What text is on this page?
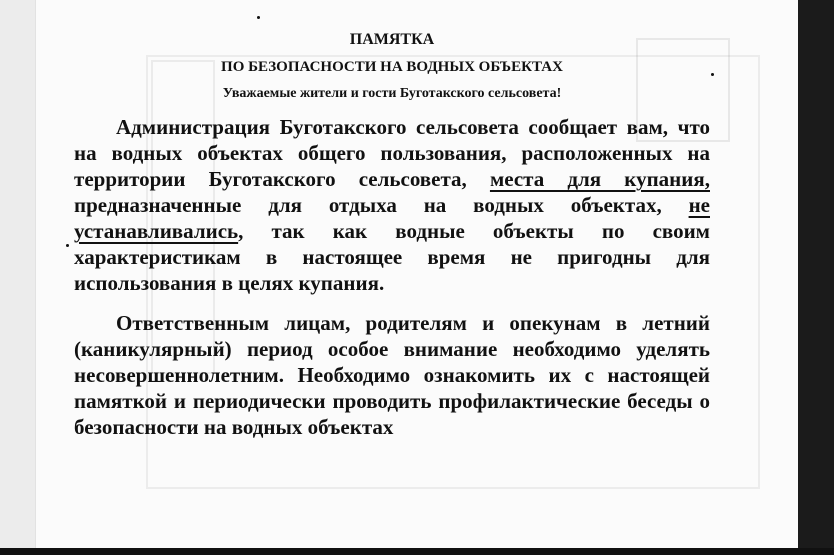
ПАМЯТКА
ПО БЕЗОПАСНОСТИ НА ВОДНЫХ ОБЪЕКТАХ
Уважаемые жители и гости Буготакского сельсовета!

Администрация Буготакского сельсовета сообщает вам, что на водных объектах общего пользования, расположенных на территории Буготакского сельсовета, места для купания, предназначенные для отдыха на водных объектах, не устанавливались, так как водные объекты по своим характеристикам в настоящее время не пригодны для использования в целях купания.

Ответственным лицам, родителям и опекунам в летний (каникулярный) период особое внимание необходимо уделять несовершеннолетним. Необходимо ознакомить их с настоящей памяткой и периодически проводить профилактические беседы о безопасности на водных объектах
